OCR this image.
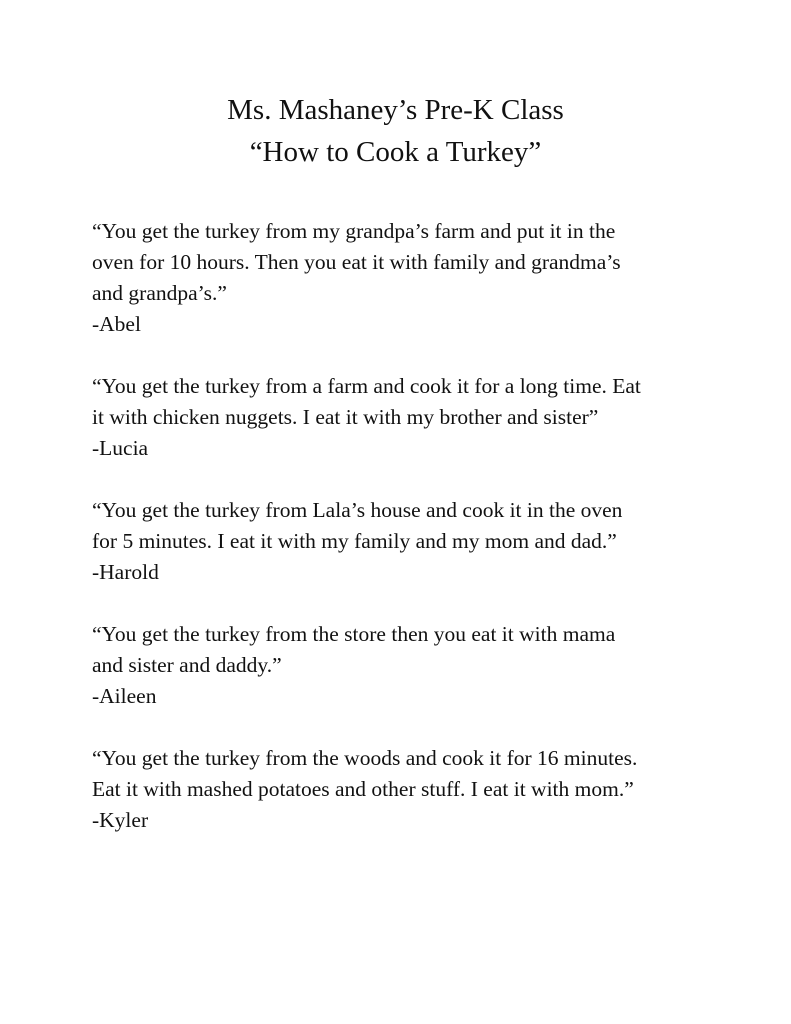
Ms. Mashaney’s Pre-K Class
“How to Cook a Turkey”
“You get the turkey from my grandpa’s farm and put it in the
oven for 10 hours. Then you eat it with family and grandma’s
and grandpa’s.”
-Abel
“You get the turkey from a farm and cook it for a long time. Eat
it with chicken nuggets. I eat it with my brother and sister”
-Lucia
“You get the turkey from Lala’s house and cook it in the oven
for 5 minutes. I eat it with my family and my mom and dad.”
-Harold
“You get the turkey from the store then you eat it with mama
and sister and daddy.”
-Aileen
“You get the turkey from the woods and cook it for 16 minutes.
Eat it with mashed potatoes and other stuff. I eat it with mom.”
-Kyler
